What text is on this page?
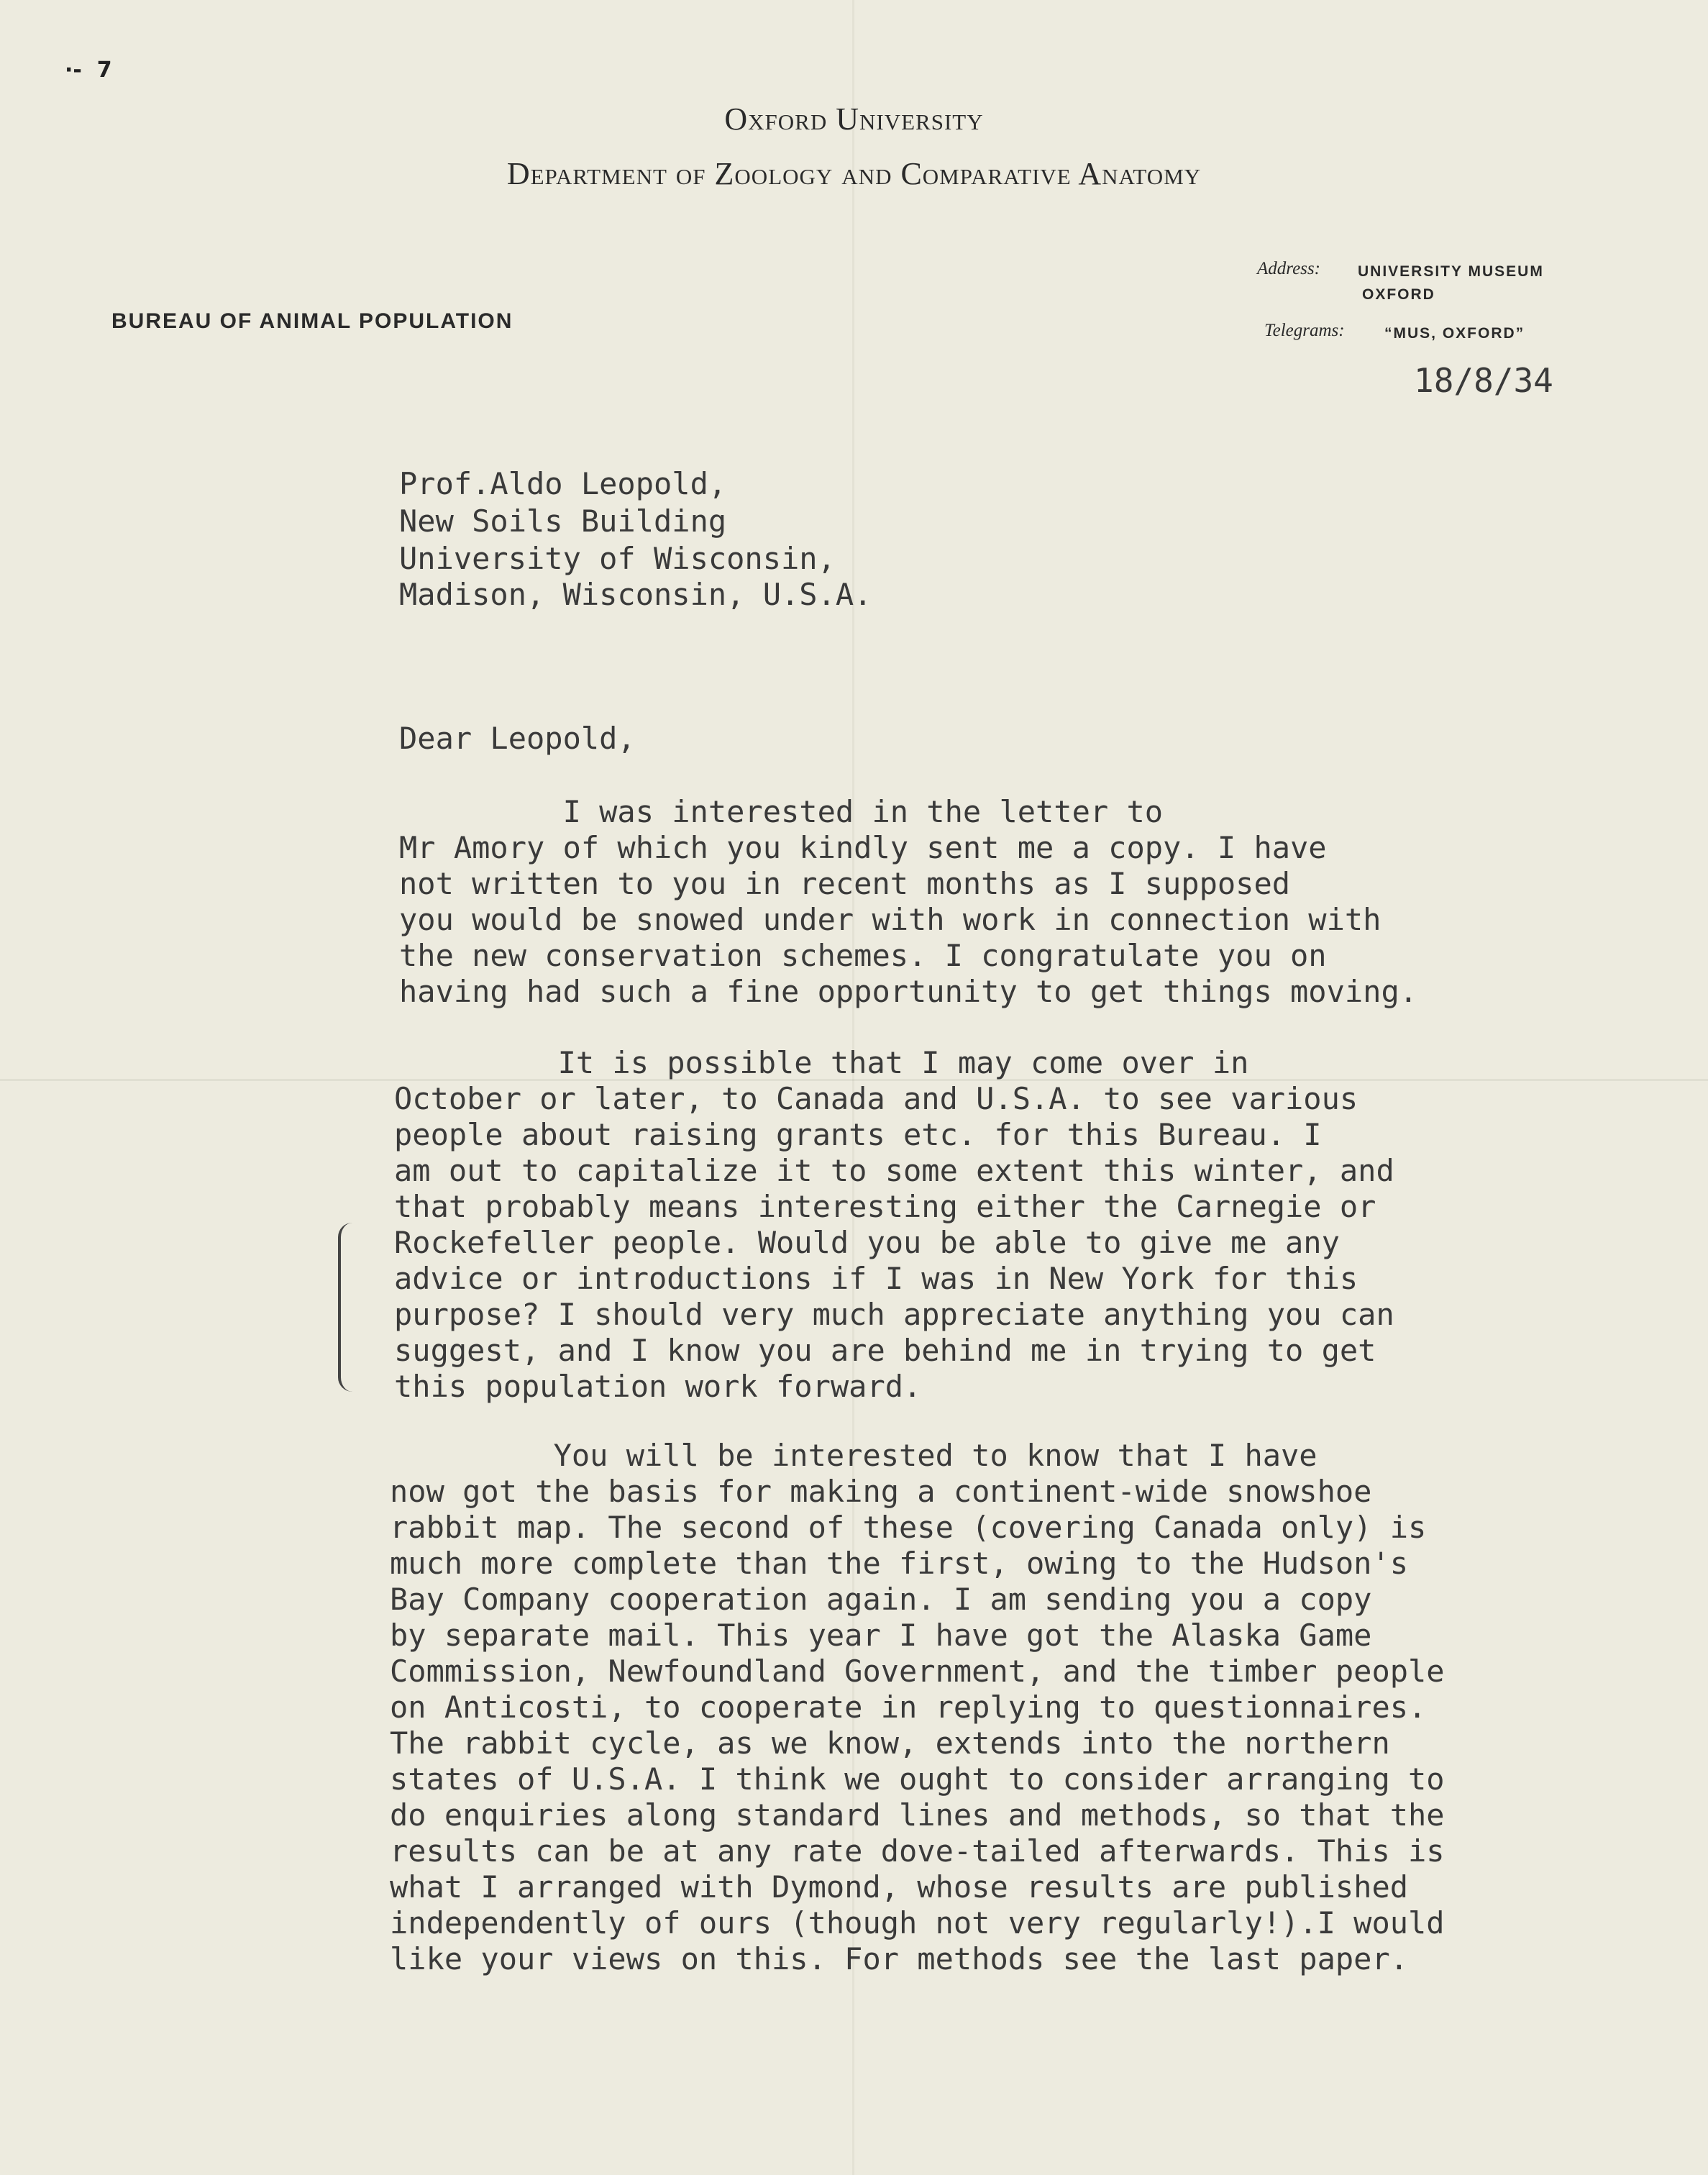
·-  7
Oxford University
Department of Zoology and Comparative Anatomy
BUREAU OF ANIMAL POPULATION
Address: UNIVERSITY MUSEUM
OXFORD
Telegrams:	“MUS, OXFORD”
18/8/34
Prof.Aldo Leopold,
New Soils Building
University of Wisconsin,
Madison, Wisconsin, U.S.A.
Dear Leopold,
I was interested in the letter to
Mr Amory of which you kindly sent me a copy. I have
not written to you in recent months as I supposed
you would be snowed under with work in connection with
the new conservation schemes. I congratulate you on
having had such a fine opportunity to get things moving.
It is possible that I may come over in
October or later, to Canada and U.S.A. to see various
people about raising grants etc. for this Bureau. I
am out to capitalize it to some extent this winter, and
that probably means interesting either the Carnegie or
Rockefeller people. Would you be able to give me any
advice or introductions if I was in New York for this
purpose? I should very much appreciate anything you can
suggest, and I know you are behind me in trying to get
this population work forward.
You will be interested to know that I have
now got the basis for making a continent-wide snowshoe
rabbit map. The second of these (covering Canada only) is
much more complete than the first, owing to the Hudson's
Bay Company cooperation again. I am sending you a copy
by separate mail. This year I have got the Alaska Game
Commission, Newfoundland Government, and the timber people
on Anticosti, to cooperate in replying to questionnaires.
The rabbit cycle, as we know, extends into the northern
states of U.S.A. I think we ought to consider arranging to
do enquiries along standard lines and methods, so that the
results can be at any rate dove-tailed afterwards. This is
what I arranged with Dymond, whose results are published
independently of ours (though not very regularly!).I would
like your views on this. For methods see the last paper.
